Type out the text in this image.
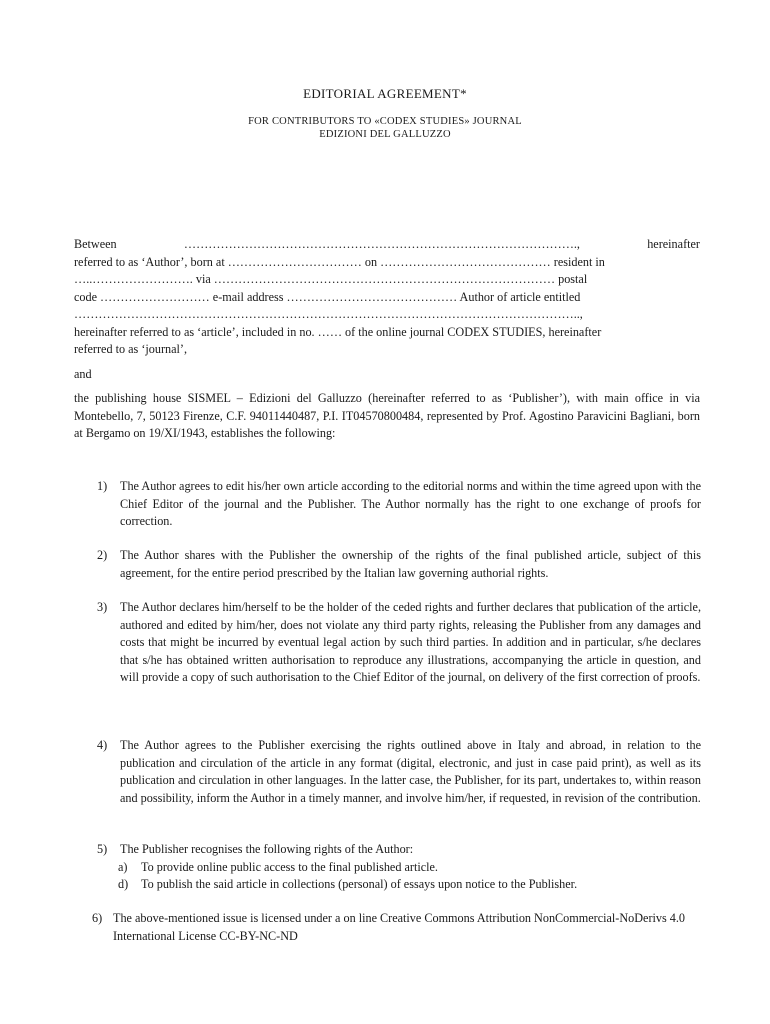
EDITORIAL AGREEMENT*
FOR CONTRIBUTORS TO «CODEX STUDIES» JOURNAL
EDIZIONI DEL GALLUZZO
Between	…………………………………………………………………………………….,	hereinafter
referred to as ‘Author’, born at …………………………… on …………………………………… resident in
…..……………………. via ………………………………………………………………………… postal
code ……………………… e-mail address …………………………………… Author of article entitled
……………………………………………………………………………………………………………..,
hereinafter referred to as ‘article’, included in no. …… of the online journal CODEX STUDIES, hereinafter
referred to as ‘journal’,
and
the publishing house SISMEL – Edizioni del Galluzzo (hereinafter referred to as ‘Publisher’), with main office in via Montebello, 7, 50123 Firenze, C.F. 94011440487, P.I. IT04570800484, represented by Prof. Agostino Paravicini Bagliani, born at Bergamo on 19/XI/1943, establishes the following:
1)	The Author agrees to edit his/her own article according to the editorial norms and within the time agreed upon with the Chief Editor of the journal and the Publisher. The Author normally has the right to one exchange of proofs for correction.
2)	The Author shares with the Publisher the ownership of the rights of the final published article, subject of this agreement, for the entire period prescribed by the Italian law governing authorial rights.
3)	The Author declares him/herself to be the holder of the ceded rights and further declares that publication of the article, authored and edited by him/her, does not violate any third party rights, releasing the Publisher from any damages and costs that might be incurred by eventual legal action by such third parties. In addition and in particular, s/he declares that s/he has obtained written authorisation to reproduce any illustrations, accompanying the article in question, and will provide a copy of such authorisation to the Chief Editor of the journal, on delivery of the first correction of proofs.
4)	The Author agrees to the Publisher exercising the rights outlined above in Italy and abroad, in relation to the publication and circulation of the article in any format (digital, electronic, and just in case paid print), as well as its publication and circulation in other languages. In the latter case, the Publisher, for its part, undertakes to, within reason and possibility, inform the Author in a timely manner, and involve him/her, if requested, in revision of the contribution.
5)	The Publisher recognises the following rights of the Author:
a) To provide online public access to the final published article.
d) To publish the said article in collections (personal) of essays upon notice to the Publisher.
6) The above-mentioned issue is licensed under a on line Creative Commons Attribution NonCommercial-NoDerivs 4.0 International License CC-BY-NC-ND
